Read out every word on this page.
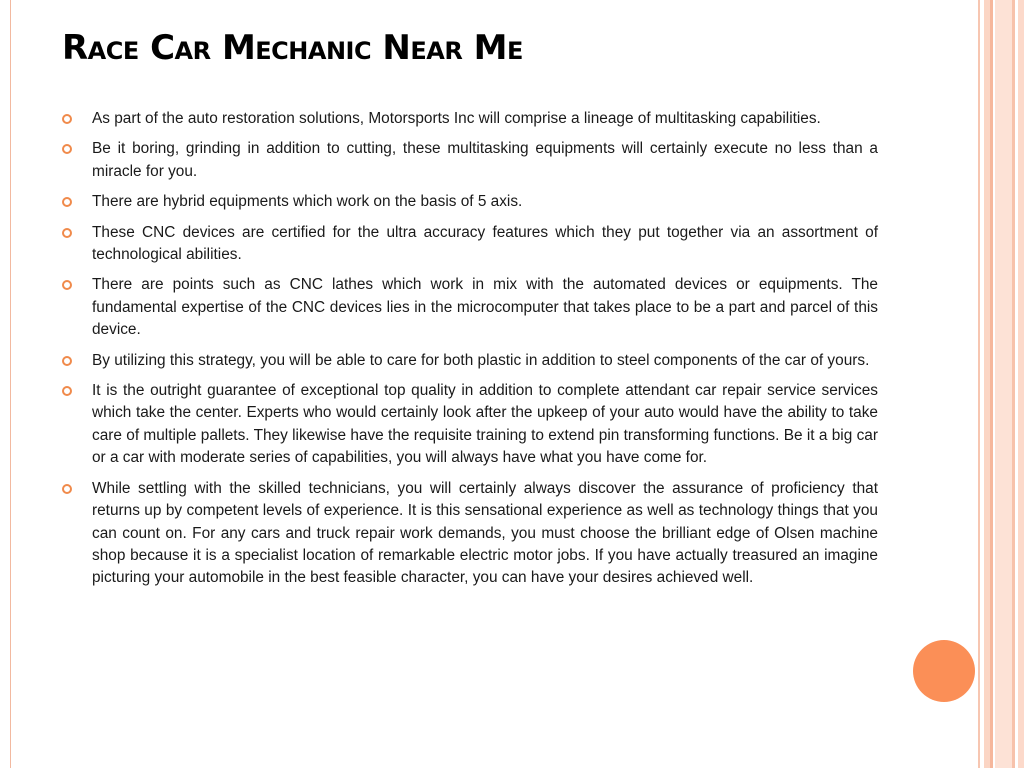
Race Car Mechanic Near Me
As part of the auto restoration solutions, Motorsports Inc will comprise a lineage of multitasking capabilities.
Be it boring, grinding in addition to cutting, these multitasking equipments will certainly execute no less than a miracle for you.
There are hybrid equipments which work on the basis of 5 axis.
These CNC devices are certified for the ultra accuracy features which they put together via an assortment of technological abilities.
There are points such as CNC lathes which work in mix with the automated devices or equipments. The fundamental expertise of the CNC devices lies in the microcomputer that takes place to be a part and parcel of this device.
By utilizing this strategy, you will be able to care for both plastic in addition to steel components of the car of yours.
It is the outright guarantee of exceptional top quality in addition to complete attendant car repair service services which take the center. Experts who would certainly look after the upkeep of your auto would have the ability to take care of multiple pallets. They likewise have the requisite training to extend pin transforming functions. Be it a big car or a car with moderate series of capabilities, you will always have what you have come for.
While settling with the skilled technicians, you will certainly always discover the assurance of proficiency that returns up by competent levels of experience. It is this sensational experience as well as technology things that you can count on. For any cars and truck repair work demands, you must choose the brilliant edge of Olsen machine shop because it is a specialist location of remarkable electric motor jobs. If you have actually treasured an imagine picturing your automobile in the best feasible character, you can have your desires achieved well.
